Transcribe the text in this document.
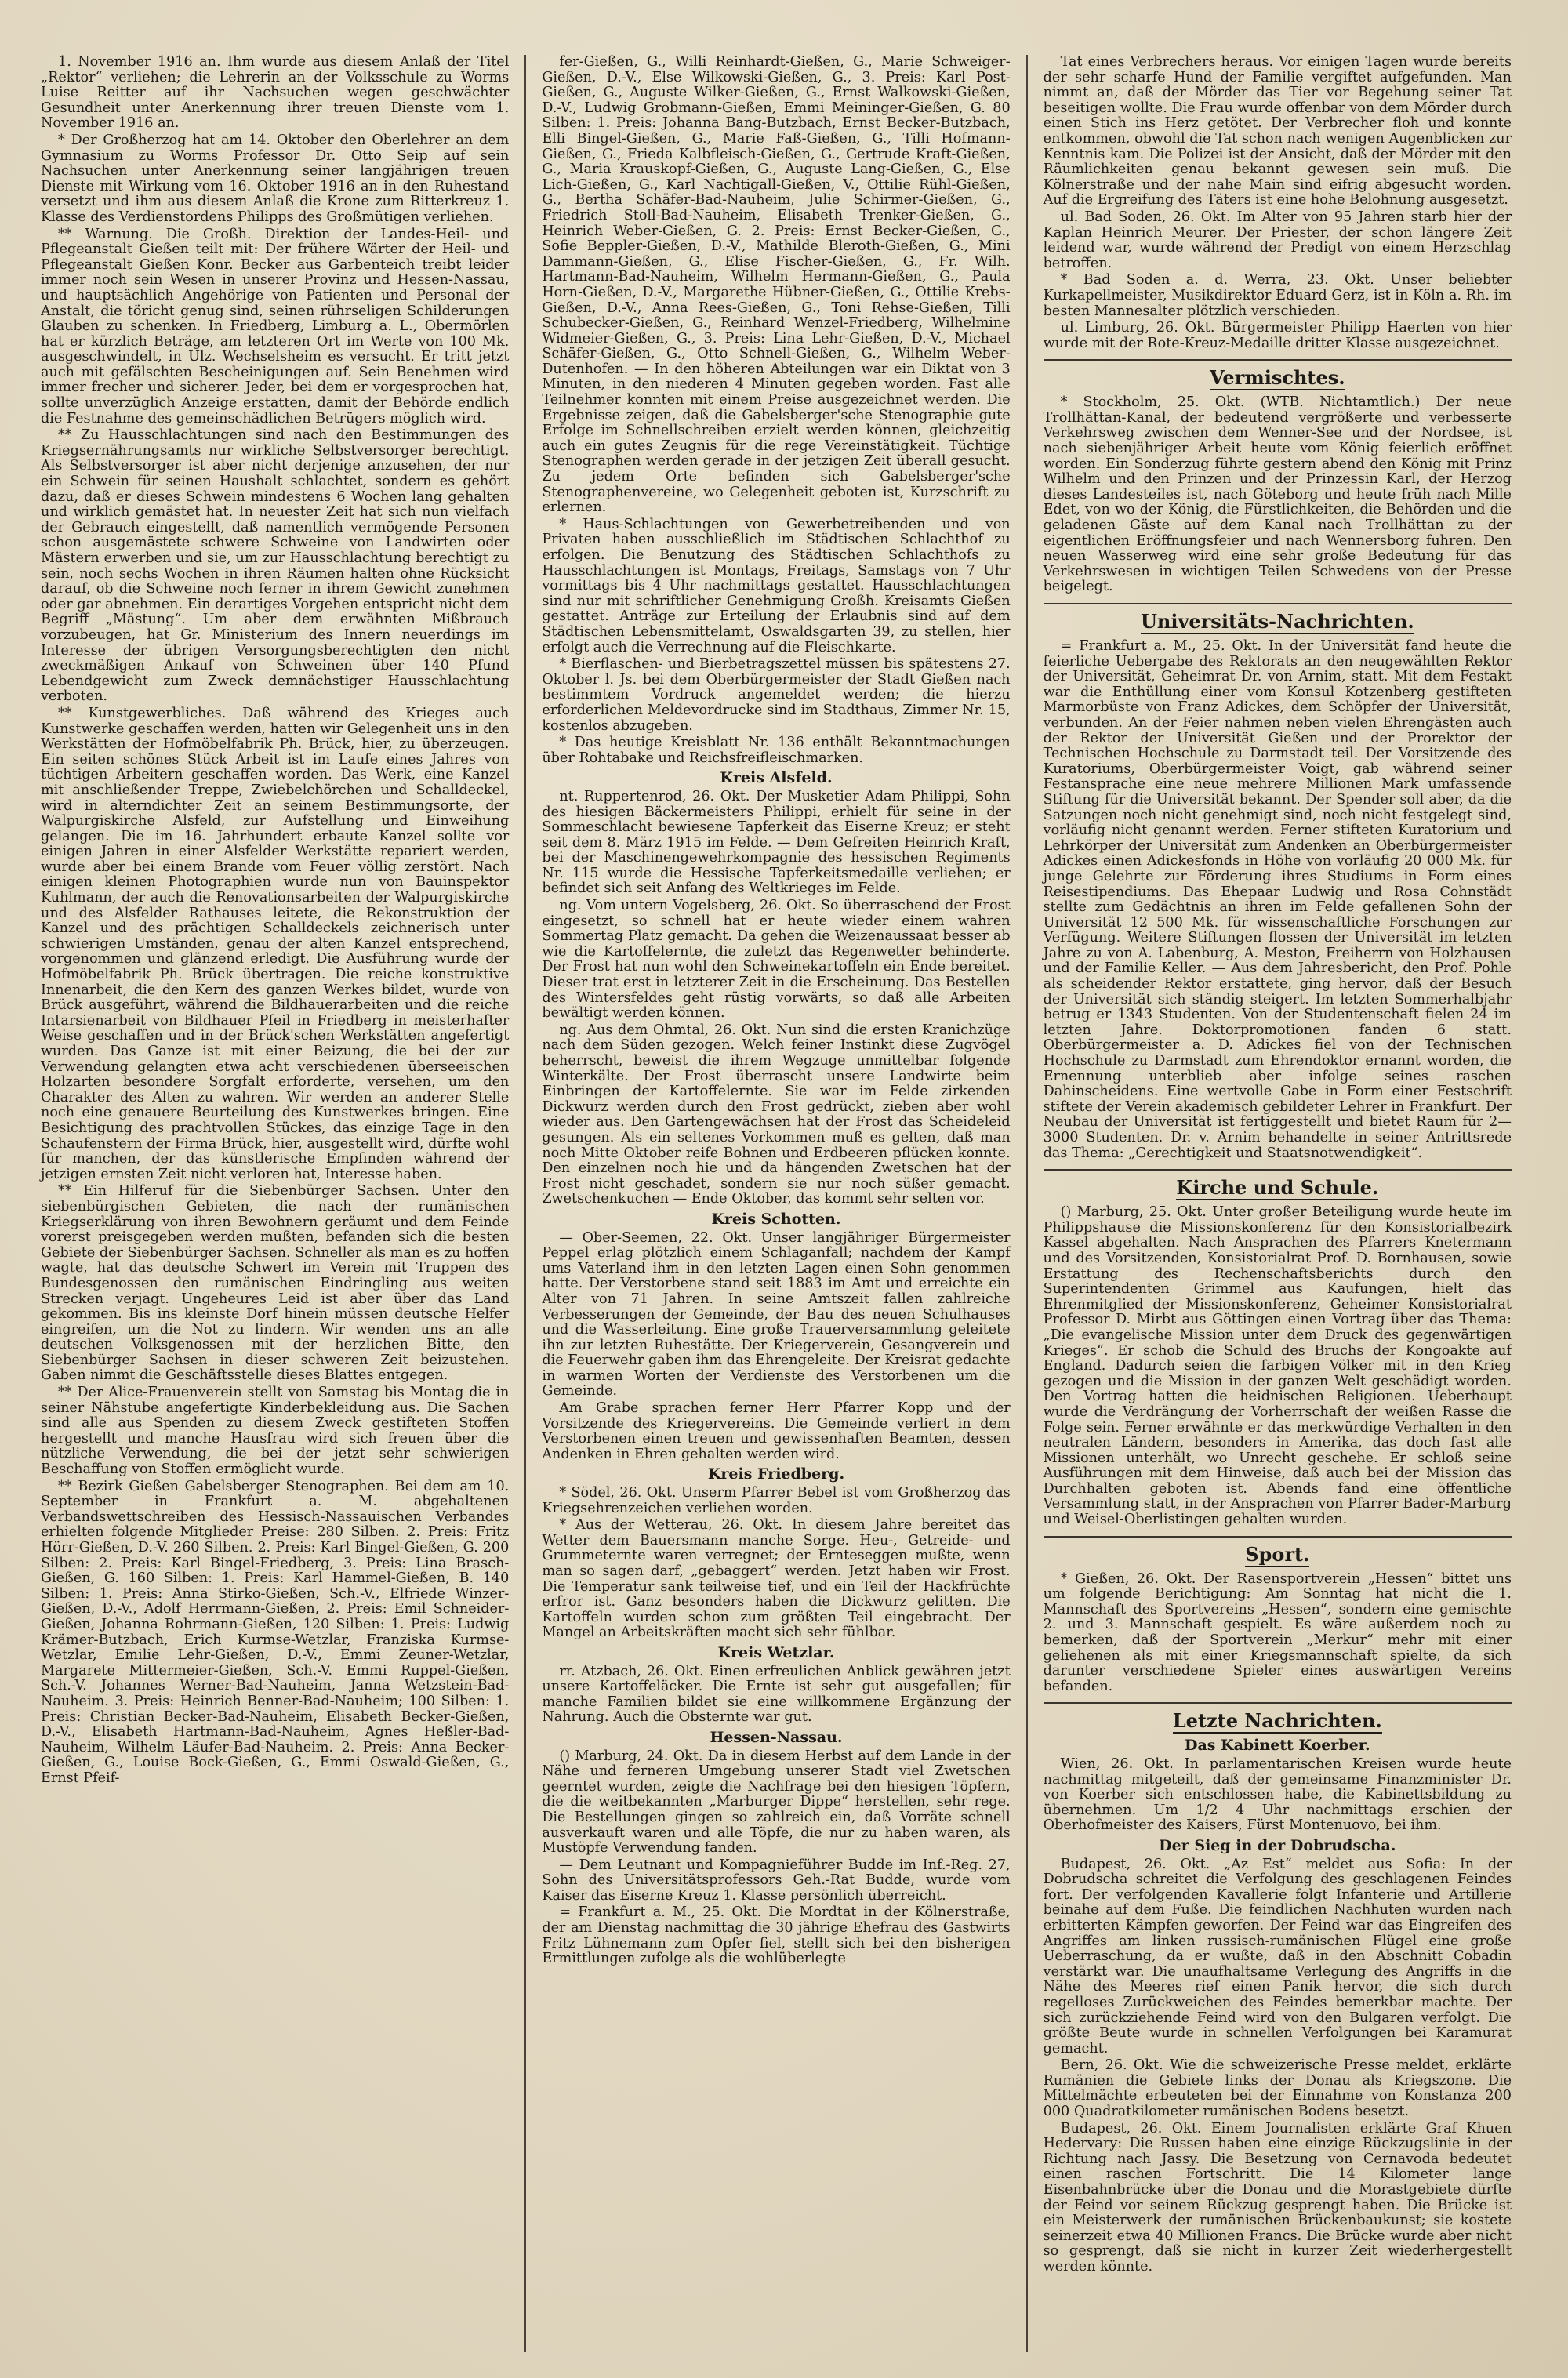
1. November 1916 an. Ihm wurde aus diesem Anlaß der Titel „Rektor“ verliehen; die Lehrerin an der Volksschule zu Worms Luise Reitter auf ihr Nachsuchen wegen geschwächter Gesundheit unter Anerkennung ihrer treuen Dienste vom 1. November 1916 an.

* Der Großherzog hat am 14. Oktober den Oberlehrer an dem Gymnasium zu Worms Professor Dr. Otto Seip auf sein Nachsuchen unter Anerkennung seiner langjährigen treuen Dienste mit Wirkung vom 16. Oktober 1916 an in den Ruhestand versetzt und ihm aus diesem Anlaß die Krone zum Ritterkreuz 1. Klasse des Verdienstordens Philipps des Großmütigen verliehen.

** Warnung. Die Großh. Direktion der Landes-Heil- und Pflegeanstalt Gießen teilt mit: Der frühere Wärter der Heil- und Pflegeanstalt Gießen Konr. Becker aus Garbenteich treibt leider immer noch sein Wesen in unserer Provinz und Hessen-Nassau, und hauptsächlich Angehörige von Patienten und Personal der Anstalt, die töricht genug sind, seinen rührseligen Schilderungen Glauben zu schenken. In Friedberg, Limburg a. L., Obermörlen hat er kürzlich Beträge, am letzteren Ort im Werte von 100 Mk. ausgeschwindelt, in Ulz. Wechselsheim es versucht. Er tritt jetzt auch mit gefälschten Bescheinigungen auf. Sein Benehmen wird immer frecher und sicherer. Jeder, bei dem er vorgesprochen hat, sollte unverzüglich Anzeige erstatten, damit der Behörde endlich die Festnahme des gemeinschädlichen Betrügers möglich wird.

** Zu Hausschlachtungen sind nach den Bestimmungen des Kriegsernährungsamts nur wirkliche Selbstversorger berechtigt. Als Selbstversorger ist aber nicht derjenige anzusehen, der nur ein Schwein für seinen Haushalt schlachtet, sondern es gehört dazu, daß er dieses Schwein mindestens 6 Wochen lang gehalten und wirklich gemästet hat. In neuester Zeit hat sich nun vielfach der Gebrauch eingestellt, daß namentlich vermögende Personen schon ausgemästete schwere Schweine von Landwirten oder Mästern erwerben und sie, um zur Hausschlachtung berechtigt zu sein, noch sechs Wochen in ihren Räumen halten ohne Rücksicht darauf, ob die Schweine noch ferner in ihrem Gewicht zunehmen oder gar abnehmen. Ein derartiges Vorgehen entspricht nicht dem Begriff „Mästung“. Um aber dem erwähnten Mißbrauch vorzubeugen, hat Gr. Ministerium des Innern neuerdings im Interesse der übrigen Versorgungsberechtigten den nicht zweckmäßigen Ankauf von Schweinen über 140 Pfund Lebendgewicht zum Zweck demnächstiger Hausschlachtung verboten.

** Kunstgewerbliches. Daß während des Krieges auch Kunstwerke geschaffen werden, hatten wir Gelegenheit uns in den Werkstätten der Hofmöbelfabrik Ph. Brück, hier, zu überzeugen. Ein seiten schönes Stück Arbeit ist im Laufe eines Jahres von tüchtigen Arbeitern geschaffen worden. Das Werk, eine Kanzel mit anschließender Treppe, Zwiebelchörchen und Schalldeckel, wird in alterndichter Zeit an seinem Bestimmungsorte, der Walpurgiskirche Alsfeld, zur Aufstellung und Einweihung gelangen. Die im 16. Jahrhundert erbaute Kanzel sollte vor einigen Jahren in einer Alsfelder Werkstätte repariert werden, wurde aber bei einem Brande vom Feuer völlig zerstört. Nach einigen kleinen Photographien wurde nun von Bauinspektor Kuhlmann, der auch die Renovationsarbeiten der Walpurgiskirche und des Alsfelder Rathauses leitete, die Rekonstruktion der Kanzel und des prächtigen Schalldeckels zeichnerisch unter schwierigen Umständen, genau der alten Kanzel entsprechend, vorgenommen und glänzend erledigt. Die Ausführung wurde der Hofmöbelfabrik Ph. Brück übertragen. Die reiche konstruktive Innenarbeit, die den Kern des ganzen Werkes bildet, wurde von Brück ausgeführt, während die Bildhauerarbeiten und die reiche Intarsienarbeit von Bildhauer Pfeil in Friedberg in meisterhafter Weise geschaffen und in der Brück'schen Werkstätten angefertigt wurden. Das Ganze ist mit einer Beizung, die bei der zur Verwendung gelangten etwa acht verschiedenen überseeischen Holzarten besondere Sorgfalt erforderte, versehen, um den Charakter des Alten zu wahren. Wir werden an anderer Stelle noch eine genauere Beurteilung des Kunstwerkes bringen. Eine Besichtigung des prachtvollen Stückes, das einzige Tage in den Schaufenstern der Firma Brück, hier, ausgestellt wird, dürfte wohl für manchen, der das künstlerische Empfinden während der jetzigen ernsten Zeit nicht verloren hat, Interesse haben.

** Ein Hilferuf für die Siebenbürger Sachsen. Unter den siebenbürgischen Gebieten, die nach der rumänischen Kriegserklärung von ihren Bewohnern geräumt und dem Feinde vorerst preisgegeben werden mußten, befanden sich die besten Gebiete der Siebenbürger Sachsen. Schneller als man es zu hoffen wagte, hat das deutsche Schwert im Verein mit Truppen des Bundesgenossen den rumänischen Eindringling aus weiten Strecken verjagt. Ungeheures Leid ist aber über das Land gekommen. Bis ins kleinste Dorf hinein müssen deutsche Helfer eingreifen, um die Not zu lindern. Wir wenden uns an alle deutschen Volksgenossen mit der herzlichen Bitte, den Siebenbürger Sachsen in dieser schweren Zeit beizustehen. Gaben nimmt die Geschäftsstelle dieses Blattes entgegen.

** Der Alice-Frauenverein stellt von Samstag bis Montag die in seiner Nähstube angefertigte Kinderbekleidung aus. Die Sachen sind alle aus Spenden zu diesem Zweck gestifteten Stoffen hergestellt und manche Hausfrau wird sich freuen über die nützliche Verwendung, die bei der jetzt sehr schwierigen Beschaffung von Stoffen ermöglicht wurde.

** Bezirk Gießen Gabelsberger Stenographen. Bei dem am 10. September in Frankfurt a. M. abgehaltenen Verbandswettschreiben des Hessisch-Nassauischen Verbandes erhielten folgende Mitglieder Preise: 280 Silben. 2. Preis: Fritz Hörr-Gießen, D.-V. 260 Silben. 2. Preis: Karl Bingel-Gießen, G. 200 Silben: 2. Preis: Karl Bingel-Friedberg, 3. Preis: Lina Brasch-Gießen, G. 160 Silben: 1. Preis: Karl Hammel-Gießen, B. 140 Silben: 1. Preis: Anna Stirko-Gießen, Sch.-V., Elfriede Winzer-Gießen, D.-V., Adolf Herrmann-Gießen, 2. Preis: Emil Schneider-Gießen, Johanna Rohrmann-Gießen, 120 Silben: 1. Preis: Ludwig Krämer-Butzbach, Erich Kurmse-Wetzlar, Franziska Kurmse-Wetzlar, Emilie Lehr-Gießen, D.-V., Emmi Zeuner-Wetzlar, Margarete Mittermeier-Gießen, Sch.-V. Emmi Ruppel-Gießen, Sch.-V. Johannes Werner-Bad-Nauheim, Janna Wetzstein-Bad-Nauheim. 3. Preis: Heinrich Benner-Bad-Nauheim; 100 Silben: 1. Preis: Christian Becker-Bad-Nauheim, Elisabeth Becker-Gießen, D.-V., Elisabeth Hartmann-Bad-Nauheim, Agnes Heßler-Bad-Nauheim, Wilhelm Läufer-Bad-Nauheim. 2. Preis: Anna Becker-Gießen, G., Louise Bock-Gießen, G., Emmi Oswald-Gießen, G., Ernst Pfeif-

fer-Gießen, G., Willi Reinhardt-Gießen, G., Marie Schweiger-Gießen, D.-V., Else Wilkowski-Gießen, G., 3. Preis: Karl Post-Gießen, G., Auguste Wilker-Gießen, G., Ernst Walkowski-Gießen, D.-V., Ludwig Grobmann-Gießen, Emmi Meininger-Gießen, G. 80 Silben: 1. Preis: Johanna Bang-Butzbach, Ernst Becker-Butzbach, Elli Bingel-Gießen, G., Marie Faß-Gießen, G., Tilli Hofmann-Gießen, G., Frieda Kalbfleisch-Gießen, G., Gertrude Kraft-Gießen, G., Maria Krauskopf-Gießen, G., Auguste Lang-Gießen, G., Else Lich-Gießen, G., Karl Nachtigall-Gießen, V., Ottilie Rühl-Gießen, G., Bertha Schäfer-Bad-Nauheim, Julie Schirmer-Gießen, G., Friedrich Stoll-Bad-Nauheim, Elisabeth Trenker-Gießen, G., Heinrich Weber-Gießen, G. 2. Preis: Ernst Becker-Gießen, G., Sofie Beppler-Gießen, D.-V., Mathilde Bleroth-Gießen, G., Mini Dammann-Gießen, G., Elise Fischer-Gießen, G., Fr. Wilh. Hartmann-Bad-Nauheim, Wilhelm Hermann-Gießen, G., Paula Horn-Gießen, D.-V., Margarethe Hübner-Gießen, G., Ottilie Krebs-Gießen, D.-V., Anna Rees-Gießen, G., Toni Rehse-Gießen, Tilli Schubecker-Gießen, G., Reinhard Wenzel-Friedberg, Wilhelmine Widmeier-Gießen, G., 3. Preis: Lina Lehr-Gießen, D.-V., Michael Schäfer-Gießen, G., Otto Schnell-Gießen, G., Wilhelm Weber-Dutenhofen. — In den höheren Abteilungen war ein Diktat von 3 Minuten, in den niederen 4 Minuten gegeben worden. Fast alle Teilnehmer konnten mit einem Preise ausgezeichnet werden. Die Ergebnisse zeigen, daß die Gabelsberger'sche Stenographie gute Erfolge im Schnellschreiben erzielt werden können, gleichzeitig auch ein gutes Zeugnis für die rege Vereinstätigkeit. Tüchtige Stenographen werden gerade in der jetzigen Zeit überall gesucht. Zu jedem Orte befinden sich Gabelsberger'sche Stenographenvereine, wo Gelegenheit geboten ist, Kurzschrift zu erlernen.

* Haus-Schlachtungen von Gewerbetreibenden und von Privaten haben ausschließlich im Städtischen Schlachthof zu erfolgen. Die Benutzung des Städtischen Schlachthofs zu Hausschlachtungen ist Montags, Freitags, Samstags von 7 Uhr vormittags bis 4 Uhr nachmittags gestattet. Hausschlachtungen sind nur mit schriftlicher Genehmigung Großh. Kreisamts Gießen gestattet. Anträge zur Erteilung der Erlaubnis sind auf dem Städtischen Lebensmittelamt, Oswaldsgarten 39, zu stellen, hier erfolgt auch die Verrechnung auf die Fleischkarte.

* Bierflaschen- und Bierbetragszettel müssen bis spätestens 27. Oktober l. Js. bei dem Oberbürgermeister der Stadt Gießen nach bestimmtem Vordruck angemeldet werden; die hierzu erforderlichen Meldevordrucke sind im Stadthaus, Zimmer Nr. 15, kostenlos abzugeben.

* Das heutige Kreisblatt Nr. 136 enthält Bekanntmachungen über Rohtabake und Reichsfreifleischmarken.

Kreis Alsfeld.

nt. Ruppertenrod, 26. Okt. Der Musketier Adam Philippi, Sohn des hiesigen Bäckermeisters Philippi, erhielt für seine in der Sommeschlacht bewiesene Tapferkeit das Eiserne Kreuz; er steht seit dem 8. März 1915 im Felde. — Dem Gefreiten Heinrich Kraft, bei der Maschinengewehrkompagnie des hessischen Regiments Nr. 115 wurde die Hessische Tapferkeitsmedaille verliehen; er befindet sich seit Anfang des Weltkrieges im Felde.

ng. Vom untern Vogelsberg, 26. Okt. So überraschend der Frost eingesetzt, so schnell hat er heute wieder einem wahren Sommertag Platz gemacht. Da gehen die Weizenaussaat besser ab wie die Kartoffelernte, die zuletzt das Regenwetter behinderte. Der Frost hat nun wohl den Schweinekartoffeln ein Ende bereitet. Dieser trat erst in letzterer Zeit in die Erscheinung. Das Bestellen des Wintersfeldes geht rüstig vorwärts, so daß alle Arbeiten bewältigt werden können.

ng. Aus dem Ohmtal, 26. Okt. Nun sind die ersten Kranichzüge nach dem Süden gezogen. Welch feiner Instinkt diese Zugvögel beherrscht, beweist die ihrem Wegzuge unmittelbar folgende Winterkälte. Der Frost überrascht unsere Landwirte beim Einbringen der Kartoffelernte. Sie war im Felde zirkenden Dickwurz werden durch den Frost gedrückt, zieben aber wohl wieder aus. Den Gartengewächsen hat der Frost das Scheideleid gesungen. Als ein seltenes Vorkommen muß es gelten, daß man noch Mitte Oktober reife Bohnen und Erdbeeren pflücken konnte. Den einzelnen noch hie und da hängenden Zwetschen hat der Frost nicht geschadet, sondern sie nur noch süßer gemacht. Zwetschenkuchen — Ende Oktober, das kommt sehr selten vor.

Kreis Schotten.

— Ober-Seemen, 22. Okt. Unser langjähriger Bürgermeister Peppel erlag plötzlich einem Schlaganfall; nachdem der Kampf ums Vaterland ihm in den letzten Lagen einen Sohn genommen hatte. Der Verstorbene stand seit 1883 im Amt und erreichte ein Alter von 71 Jahren. In seine Amtszeit fallen zahlreiche Verbesserungen der Gemeinde, der Bau des neuen Schulhauses und die Wasserleitung. Eine große Trauerversammlung geleitete ihn zur letzten Ruhestätte. Der Kriegerverein, Gesangverein und die Feuerwehr gaben ihm das Ehrengeleite. Der Kreisrat gedachte in warmen Worten der Verdienste des Verstorbenen um die Gemeinde.

Am Grabe sprachen ferner Herr Pfarrer Kopp und der Vorsitzende des Kriegervereins. Die Gemeinde verliert in dem Verstorbenen einen treuen und gewissenhaften Beamten, dessen Andenken in Ehren gehalten werden wird.

Kreis Friedberg.

* Södel, 26. Okt. Unserm Pfarrer Bebel ist vom Großherzog das Kriegsehrenzeichen verliehen worden.

* Aus der Wetterau, 26. Okt. In diesem Jahre bereitet das Wetter dem Bauersmann manche Sorge. Heu-, Getreide- und Grummeternte waren verregnet; der Ernteseggen mußte, wenn man so sagen darf, „gebaggert“ werden. Jetzt haben wir Frost. Die Temperatur sank teilweise tief, und ein Teil der Hackfrüchte erfror ist. Ganz besonders haben die Dickwurz gelitten. Die Kartoffeln wurden schon zum größten Teil eingebracht. Der Mangel an Arbeitskräften macht sich sehr fühlbar.

Kreis Wetzlar.

rr. Atzbach, 26. Okt. Einen erfreulichen Anblick gewähren jetzt unsere Kartoffeläcker. Die Ernte ist sehr gut ausgefallen; für manche Familien bildet sie eine willkommene Ergänzung der Nahrung. Auch die Obsternte war gut.

Hessen-Nassau.

() Marburg, 24. Okt. Da in diesem Herbst auf dem Lande in der Nähe und ferneren Umgebung unserer Stadt viel Zwetschen geerntet wurden, zeigte die Nachfrage bei den hiesigen Töpfern, die die weitbekannten „Marburger Dippe“ herstellen, sehr rege. Die Bestellungen gingen so zahlreich ein, daß Vorräte schnell ausverkauft waren und alle Töpfe, die nur zu haben waren, als Mustöpfe Verwendung fanden.

— Dem Leutnant und Kompagnieführer Budde im Inf.-Reg. 27, Sohn des Universitätsprofessors Geh.-Rat Budde, wurde vom Kaiser das Eiserne Kreuz 1. Klasse persönlich überreicht.

= Frankfurt a. M., 25. Okt. Die Mordtat in der Kölnerstraße, der am Dienstag nachmittag die 30 jährige Ehefrau des Gastwirts Fritz Lühnemann zum Opfer fiel, stellt sich bei den bisherigen Ermittlungen zufolge als die wohlüberlegte

Tat eines Verbrechers heraus. Vor einigen Tagen wurde bereits der sehr scharfe Hund der Familie vergiftet aufgefunden. Man nimmt an, daß der Mörder das Tier vor Begehung seiner Tat beseitigen wollte. Die Frau wurde offenbar von dem Mörder durch einen Stich ins Herz getötet. Der Verbrecher floh und konnte entkommen, obwohl die Tat schon nach wenigen Augenblicken zur Kenntnis kam. Die Polizei ist der Ansicht, daß der Mörder mit den Räumlichkeiten genau bekannt gewesen sein muß. Die Kölnerstraße und der nahe Main sind eifrig abgesucht worden. Auf die Ergreifung des Täters ist eine hohe Belohnung ausgesetzt.

ul. Bad Soden, 26. Okt. Im Alter von 95 Jahren starb hier der Kaplan Heinrich Meurer. Der Priester, der schon längere Zeit leidend war, wurde während der Predigt von einem Herzschlag betroffen.

* Bad Soden a. d. Werra, 23. Okt. Unser beliebter Kurkapellmeister, Musikdirektor Eduard Gerz, ist in Köln a. Rh. im besten Mannesalter plötzlich verschieden.

ul. Limburg, 26. Okt. Bürgermeister Philipp Haerten von hier wurde mit der Rote-Kreuz-Medaille dritter Klasse ausgezeichnet.

Vermischtes.

* Stockholm, 25. Okt. (WTB. Nichtamtlich.) Der neue Trollhättan-Kanal, der bedeutend vergrößerte und verbesserte Verkehrsweg zwischen dem Wenner-See und der Nordsee, ist nach siebenjähriger Arbeit heute vom König feierlich eröffnet worden. Ein Sonderzug führte gestern abend den König mit Prinz Wilhelm und den Prinzen und der Prinzessin Karl, der Herzog dieses Landesteiles ist, nach Göteborg und heute früh nach Mille Edet, von wo der König, die Fürstlichkeiten, die Behörden und die geladenen Gäste auf dem Kanal nach Trollhättan zu der eigentlichen Eröffnungsfeier und nach Wennersborg fuhren. Den neuen Wasserweg wird eine sehr große Bedeutung für das Verkehrswesen in wichtigen Teilen Schwedens von der Presse beigelegt.

Universitäts-Nachrichten.

= Frankfurt a. M., 25. Okt. In der Universität fand heute die feierliche Uebergabe des Rektorats an den neugewählten Rektor der Universität, Geheimrat Dr. von Arnim, statt. Mit dem Festakt war die Enthüllung einer vom Konsul Kotzenberg gestifteten Marmorbüste von Franz Adickes, dem Schöpfer der Universität, verbunden. An der Feier nahmen neben vielen Ehrengästen auch der Rektor der Universität Gießen und der Prorektor der Technischen Hochschule zu Darmstadt teil. Der Vorsitzende des Kuratoriums, Oberbürgermeister Voigt, gab während seiner Festansprache eine neue mehrere Millionen Mark umfassende Stiftung für die Universität bekannt. Der Spender soll aber, da die Satzungen noch nicht genehmigt sind, noch nicht festgelegt sind, vorläufig nicht genannt werden. Ferner stifteten Kuratorium und Lehrkörper der Universität zum Andenken an Oberbürgermeister Adickes einen Adickesfonds in Höhe von vorläufig 20 000 Mk. für junge Gelehrte zur Förderung ihres Studiums in Form eines Reisestipendiums. Das Ehepaar Ludwig und Rosa Cohnstädt stellte zum Gedächtnis an ihren im Felde gefallenen Sohn der Universität 12 500 Mk. für wissenschaftliche Forschungen zur Verfügung. Weitere Stiftungen flossen der Universität im letzten Jahre zu von A. Labenburg, A. Meston, Freiherrn von Holzhausen und der Familie Keller. — Aus dem Jahresbericht, den Prof. Pohle als scheidender Rektor erstattete, ging hervor, daß der Besuch der Universität sich ständig steigert. Im letzten Sommerhalbjahr betrug er 1343 Studenten. Von der Studentenschaft fielen 24 im letzten Jahre. Doktorpromotionen fanden 6 statt. Oberbürgermeister a. D. Adickes fiel von der Technischen Hochschule zu Darmstadt zum Ehrendoktor ernannt worden, die Ernennung unterblieb aber infolge seines raschen Dahinscheidens. Eine wertvolle Gabe in Form einer Festschrift stiftete der Verein akademisch gebildeter Lehrer in Frankfurt. Der Neubau der Universität ist fertiggestellt und bietet Raum für 2—3000 Studenten. Dr. v. Arnim behandelte in seiner Antrittsrede das Thema: „Gerechtigkeit und Staatsnotwendigkeit“.

Kirche und Schule.

() Marburg, 25. Okt. Unter großer Beteiligung wurde heute im Philippshause die Missionskonferenz für den Konsistorialbezirk Kassel abgehalten. Nach Ansprachen des Pfarrers Knetermann und des Vorsitzenden, Konsistorialrat Prof. D. Bornhausen, sowie Erstattung des Rechenschaftsberichts durch den Superintendenten Grimmel aus Kaufungen, hielt das Ehrenmitglied der Missionskonferenz, Geheimer Konsistorialrat Professor D. Mirbt aus Göttingen einen Vortrag über das Thema: „Die evangelische Mission unter dem Druck des gegenwärtigen Krieges“. Er schob die Schuld des Bruchs der Kongoakte auf England. Dadurch seien die farbigen Völker mit in den Krieg gezogen und die Mission in der ganzen Welt geschädigt worden. Den Vortrag hatten die heidnischen Religionen. Ueberhaupt wurde die Verdrängung der Vorherrschaft der weißen Rasse die Folge sein. Ferner erwähnte er das merkwürdige Verhalten in den neutralen Ländern, besonders in Amerika, das doch fast alle Missionen unterhält, wo Unrecht geschehe. Er schloß seine Ausführungen mit dem Hinweise, daß auch bei der Mission das Durchhalten geboten ist. Abends fand eine öffentliche Versammlung statt, in der Ansprachen von Pfarrer Bader-Marburg und Weisel-Oberlistingen gehalten wurden.

Sport.

* Gießen, 26. Okt. Der Rasensportverein „Hessen“ bittet uns um folgende Berichtigung: Am Sonntag hat nicht die 1. Mannschaft des Sportvereins „Hessen“, sondern eine gemischte 2. und 3. Mannschaft gespielt. Es wäre außerdem noch zu bemerken, daß der Sportverein „Merkur“ mehr mit einer geliehenen als mit einer Kriegsmannschaft spielte, da sich darunter verschiedene Spieler eines auswärtigen Vereins befanden.

Letzte Nachrichten.
Das Kabinett Koerber.

Wien, 26. Okt. In parlamentarischen Kreisen wurde heute nachmittag mitgeteilt, daß der gemeinsame Finanzminister Dr. von Koerber sich entschlossen habe, die Kabinettsbildung zu übernehmen. Um 1/2 4 Uhr nachmittags erschien der Oberhofmeister des Kaisers, Fürst Montenuovo, bei ihm.

Der Sieg in der Dobrudscha.

Budapest, 26. Okt. „Az Est“ meldet aus Sofia: In der Dobrudscha schreitet die Verfolgung des geschlagenen Feindes fort. Der verfolgenden Kavallerie folgt Infanterie und Artillerie beinahe auf dem Fuße. Die feindlichen Nachhuten wurden nach erbitterten Kämpfen geworfen. Der Feind war das Eingreifen des Angriffes am linken russisch-rumänischen Flügel eine große Ueberraschung, da er wußte, daß in den Abschnitt Cobadin verstärkt war. Die unaufhaltsame Verlegung des Angriffs in die Nähe des Meeres rief einen Panik hervor, die sich durch regelloses Zurückweichen des Feindes bemerkbar machte. Der sich zurückziehende Feind wird von den Bulgaren verfolgt. Die größte Beute wurde in schnellen Verfolgungen bei Karamurat gemacht.

Bern, 26. Okt. Wie die schweizerische Presse meldet, erklärte Rumänien die Gebiete links der Donau als Kriegszone. Die Mittelmächte erbeuteten bei der Einnahme von Konstanza 200 000 Quadratkilometer rumänischen Bodens besetzt.

Budapest, 26. Okt. Einem Journalisten erklärte Graf Khuen Hedervary: Die Russen haben eine einzige Rückzugslinie in der Richtung nach Jassy. Die Besetzung von Cernavoda bedeutet einen raschen Fortschritt. Die 14 Kilometer lange Eisenbahnbrücke über die Donau und die Morastgebiete dürfte der Feind vor seinem Rückzug gesprengt haben. Die Brücke ist ein Meisterwerk der rumänischen Brückenbaukunst; sie kostete seinerzeit etwa 40 Millionen Francs. Die Brücke wurde aber nicht so gesprengt, daß sie nicht in kurzer Zeit wiederhergestellt werden könnte.
